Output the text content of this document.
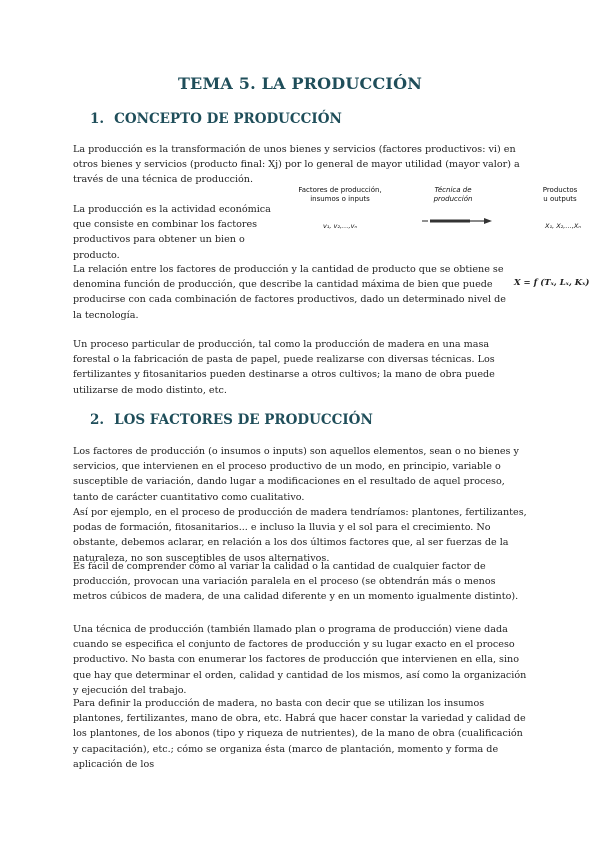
TEMA 5. LA PRODUCCIÓN
1. CONCEPTO DE PRODUCCIÓN
La producción es la transformación de unos bienes y servicios (factores productivos: vi) en otros bienes y servicios (producto final: Xj) por lo general de mayor utilidad (mayor valor) a través de una técnica de producción.
La producción es la actividad económica que consiste en combinar los factores productivos para obtener un bien o producto.
Factores de producción,
insumos o inputs
Técnica de
producción
Productos
u outputs
v₁, v₂,…,vₙ	X₁, X₂,…,Xₙ
La relación entre los factores de producción y la cantidad de producto que se obtiene se denomina función de producción, que describe la cantidad máxima de bien que puede producirse con cada combinación de factores productivos, dado un determinado nivel de la tecnología.
X = f (Tₓ, Lₓ, Kₓ)
Un proceso particular de producción, tal como la producción de madera en una masa forestal o la fabricación de pasta de papel, puede realizarse con diversas técnicas. Los fertilizantes y fitosanitarios pueden destinarse a otros cultivos; la mano de obra puede utilizarse de modo distinto, etc.
2. LOS FACTORES DE PRODUCCIÓN
Los factores de producción (o insumos o inputs) son aquellos elementos, sean o no bienes y servicios, que intervienen en el proceso productivo de un modo, en principio, variable o susceptible de variación, dando lugar a modificaciones en el resultado de aquel proceso, tanto de carácter cuantitativo como cualitativo.
Así por ejemplo, en el proceso de producción de madera tendríamos: plantones, fertilizantes, podas de formación, fitosanitarios... e incluso la lluvia y el sol para el crecimiento. No obstante, debemos aclarar, en relación a los dos últimos factores que, al ser fuerzas de la naturaleza, no son susceptibles de usos alternativos.
Es fácil de comprender cómo al variar la calidad o la cantidad de cualquier factor de producción, provocan una variación paralela en el proceso (se obtendrán más o menos metros cúbicos de madera, de una calidad diferente y en un momento igualmente distinto).
Una técnica de producción (también llamado plan o programa de producción) viene dada cuando se especifica el conjunto de factores de producción y su lugar exacto en el proceso productivo. No basta con enumerar los factores de producción que intervienen en ella, sino que hay que determinar el orden, calidad y cantidad de los mismos, así como la organización y ejecución del trabajo.
Para definir la producción de madera, no basta con decir que se utilizan los insumos plantones, fertilizantes, mano de obra, etc. Habrá que hacer constar la variedad y calidad de los plantones, de los abonos (tipo y riqueza de nutrientes), de la mano de obra (cualificación y capacitación), etc.; cómo se organiza ésta (marco de plantación, momento y forma de aplicación de los
